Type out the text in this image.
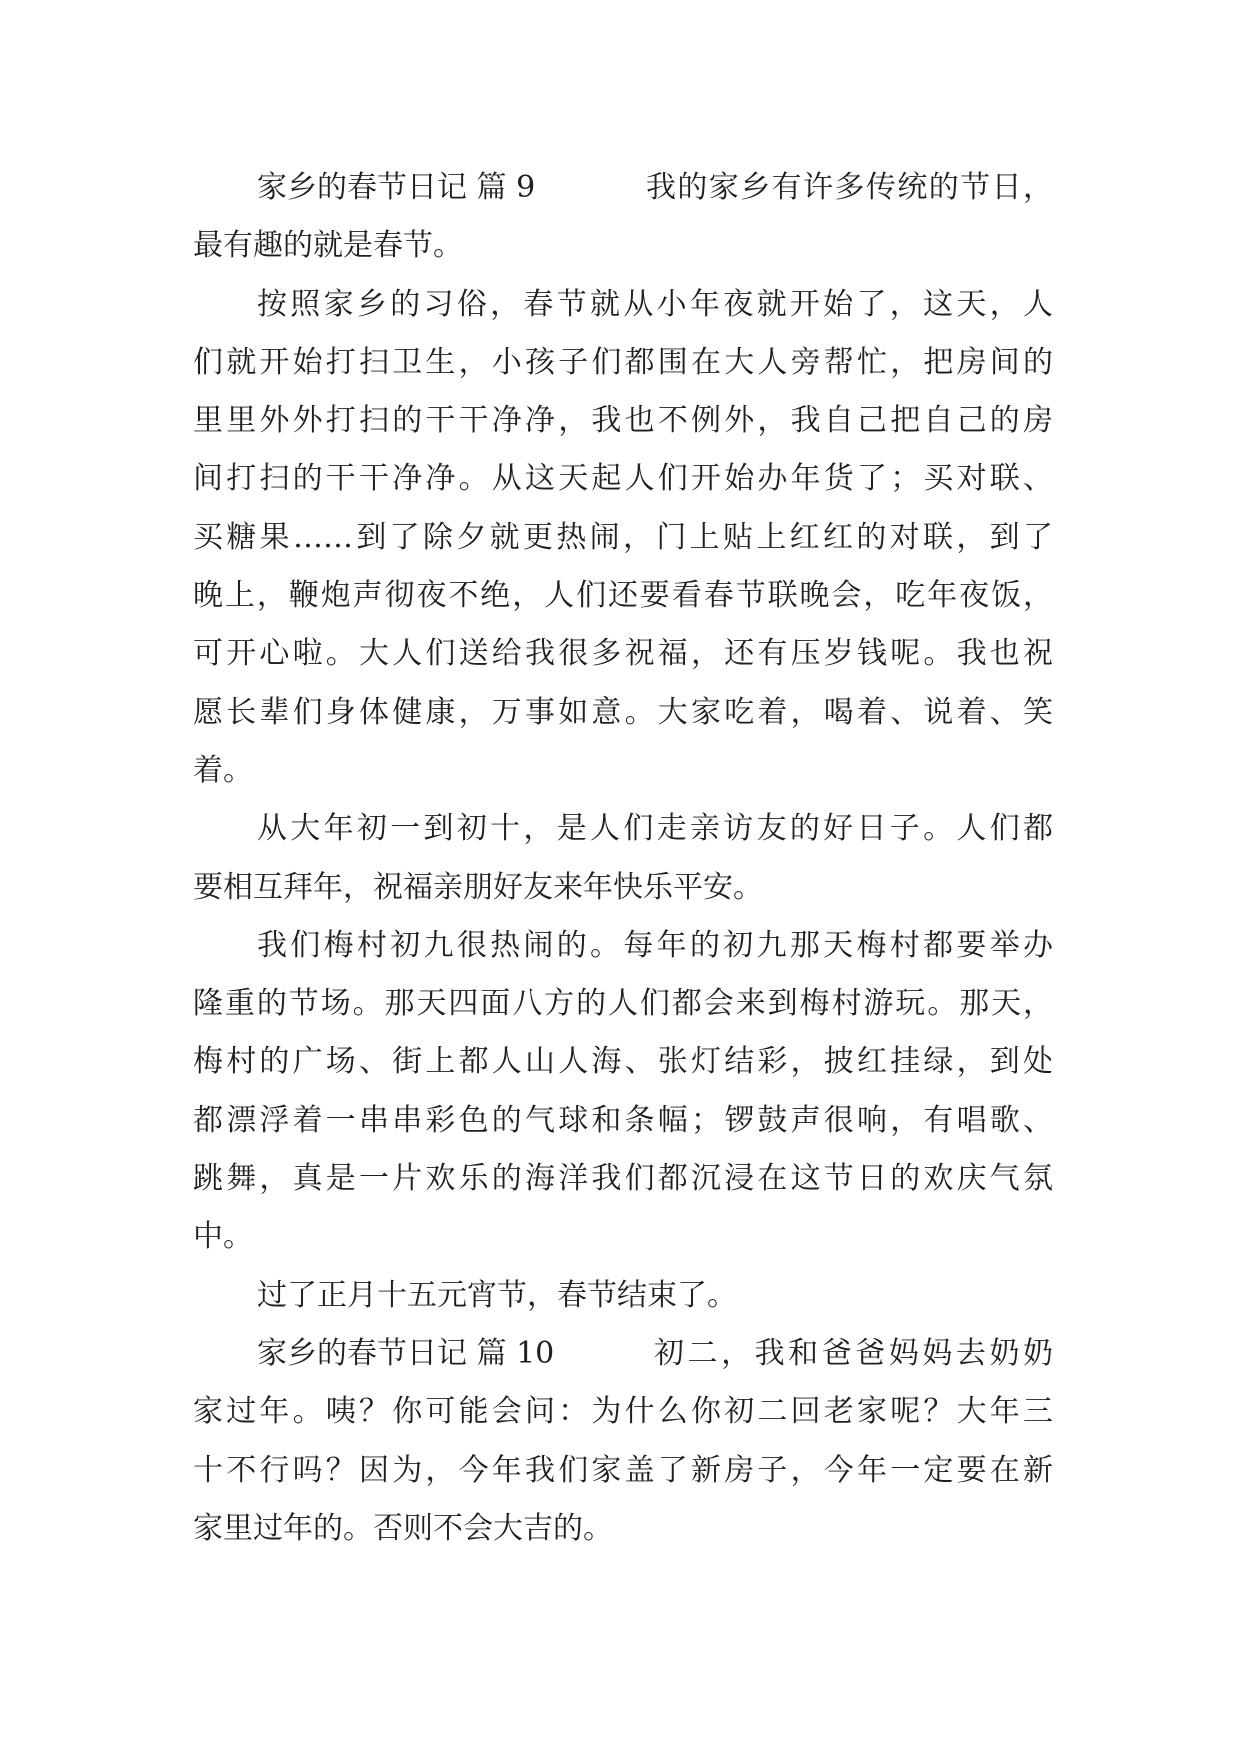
家乡的春节日记 篇 9	我的家乡有许多传统的节日，
最有趣的就是春节。
按照家乡的习俗，春节就从小年夜就开始了，这天，人
们就开始打扫卫生，小孩子们都围在大人旁帮忙，把房间的
里里外外打扫的干干净净，我也不例外，我自己把自己的房
间打扫的干干净净。从这天起人们开始办年货了；买对联、
买糖果……到了除夕就更热闹，门上贴上红红的对联，到了
晚上，鞭炮声彻夜不绝，人们还要看春节联晚会，吃年夜饭，
可开心啦。大人们送给我很多祝福，还有压岁钱呢。我也祝
愿长辈们身体健康，万事如意。大家吃着，喝着、说着、笑
着。
从大年初一到初十，是人们走亲访友的好日子。人们都
要相互拜年，祝福亲朋好友来年快乐平安。
我们梅村初九很热闹的。每年的初九那天梅村都要举办
隆重的节场。那天四面八方的人们都会来到梅村游玩。那天，
梅村的广场、街上都人山人海、张灯结彩，披红挂绿，到处
都漂浮着一串串彩色的气球和条幅；锣鼓声很响，有唱歌、
跳舞，真是一片欢乐的海洋我们都沉浸在这节日的欢庆气氛
中。
过了正月十五元宵节，春节结束了。
家乡的春节日记 篇 10	初二，我和爸爸妈妈去奶奶
家过年。咦？你可能会问：为什么你初二回老家呢？大年三
十不行吗？因为，今年我们家盖了新房子，今年一定要在新
家里过年的。否则不会大吉的。
